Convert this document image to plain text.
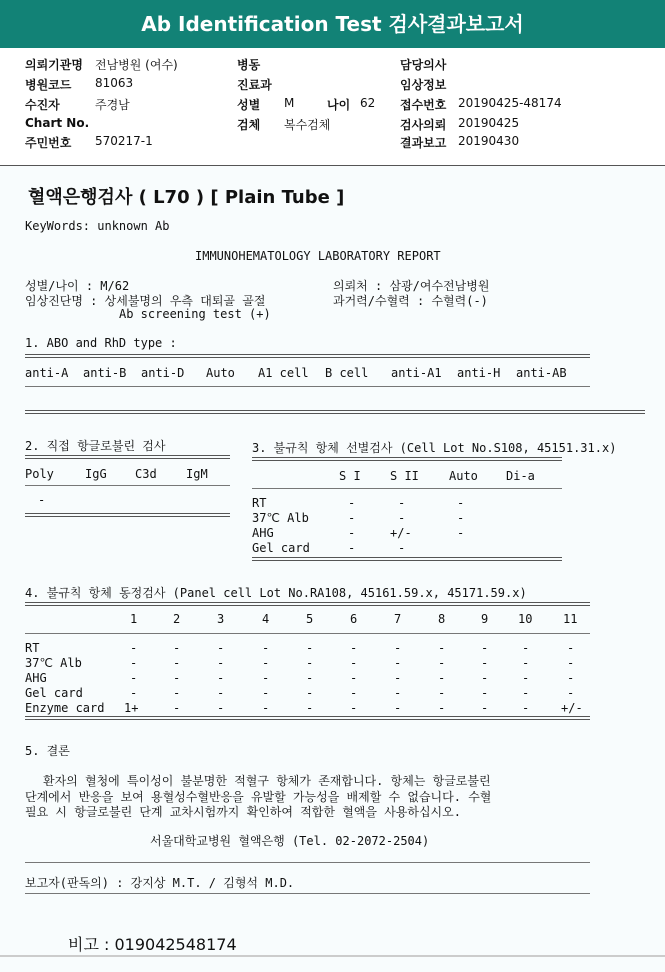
Ab Identification Test 검사결과보고서
의뢰기관명 전남병원 (여수)
병원코드 81063
수진자	주경남
Chart No.
주민번호 570217-1
병동
진료과
성별 M	나이 62
검체 복수검체
담당의사
임상정보
접수번호 20190425-48174
검사의뢰 20190425
결과보고 20190430
혈액은행검사 ( L70 ) [ Plain Tube ]
KeyWords: unknown Ab
IMMUNOHEMATOLOGY LABORATORY REPORT
성별/나이 : M/62
임상진단명 : 상세불명의 우측 대퇴골 골절
Ab screening test (+)
의뢰처 : 삼광/여수전남병원
과거력/수혈력 : 수혈력(-)
1. ABO and RhD type :
anti-A anti-B anti-D Auto A1 cell B cell anti-A1 anti-H anti-AB
2. 직접 항글로불린 검사
Poly	IgG C3d IgM
-
3. 불규칙 항체 선별검사 (Cell Lot No.S108, 45151.31.x)
S I S II	Auto Di-a
RT	-	-	-
37℃ Alb	-	-	-
AHG	-	+/-	-
Gel card	-	-
4. 불규칙 항체 동정검사 (Panel cell Lot No.RA108, 45161.59.x, 45171.59.x)
1	2	3	4	5	6	7	8	9 10	11
RT	-	-	-	-	-	-	-	-	-	-	-
37℃ Alb	-	-	-	-	-	-	-	-	-	-	-
AHG	-	-	-	-	-	-	-	-	-	-	-
Gel card	-	-	-	-	-	-	-	-	-	-	-
Enzyme card 1+	-	-	-	-	-	-	-	-	-	+/-
5. 결론
환자의 혈청에 특이성이 불분명한 적혈구 항체가 존재합니다. 항체는 항글로불린
단계에서 반응을 보여 용혈성수혈반응을 유발할 가능성을 배제할 수 없습니다. 수혈
필요 시 항글로불린 단계 교차시험까지 확인하여 적합한 혈액을 사용하십시오.
서울대학교병원 혈액은행 (Tel. 02-2072-2504)
보고자(판독의) : 강지상 M.T. / 김형석 M.D.
비고 : 019042548174
